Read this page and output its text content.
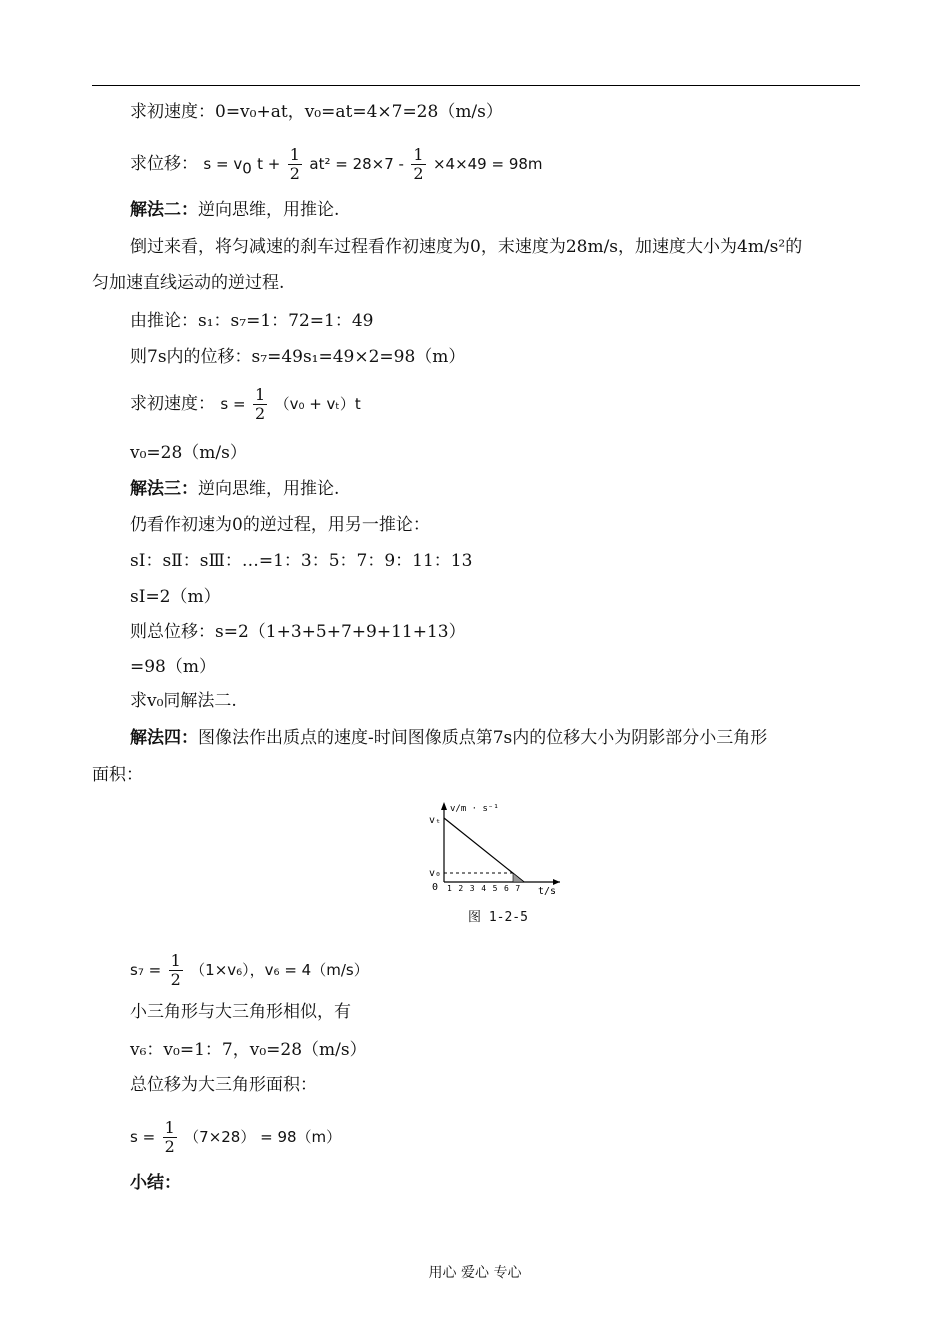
求初速度：0=v₀+at，v₀=at=4×7=28（m/s）
求位移： $s = v_0$ $t + \frac{1}{2} at^2 = 28\times 7 - \frac{1}{2} \times 4\times 49 = 98m$
解法二：逆向思维，用推论.
倒过来看，将匀减速的刹车过程看作初速度为0，末速度为28m/s，加速度大小为4m/s²的
匀加速直线运动的逆过程.
由推论：s₁：s₇=1：72=1：49
则7s内的位移：s₇=49s₁=49×2=98（m）
求初速度： $s = \frac{1}{2} (v_0 + v_t)t$
v₀=28（m/s）
解法三：逆向思维，用推论.
仍看作初速为0的逆过程，用另一推论：
sⅠ：sⅡ：sⅢ：…=1：3：5：7：9：11：13
sⅠ=2（m）
则总位移：s=2（1+3+5+7+9+11+13）
=98（m）
求v₀同解法二.
解法四：图像法作出质点的速度-时间图像质点第7s内的位移大小为阴影部分小三角形
面积：
v/m · s⁻¹
vₜ
v₀
0 1 2 3 4 5 6 7 t/s
图 1-2-5
$s_7 = \frac{1}{2} (1\times v_6)$，v₆ = 4（m/s）
小三角形与大三角形相似，有
v₆：v₀=1：7，v₀=28（m/s）
总位移为大三角形面积：
$s = \frac{1}{2} (7\times 28) = 98(m)$
小结：
用心 爱心 专心
